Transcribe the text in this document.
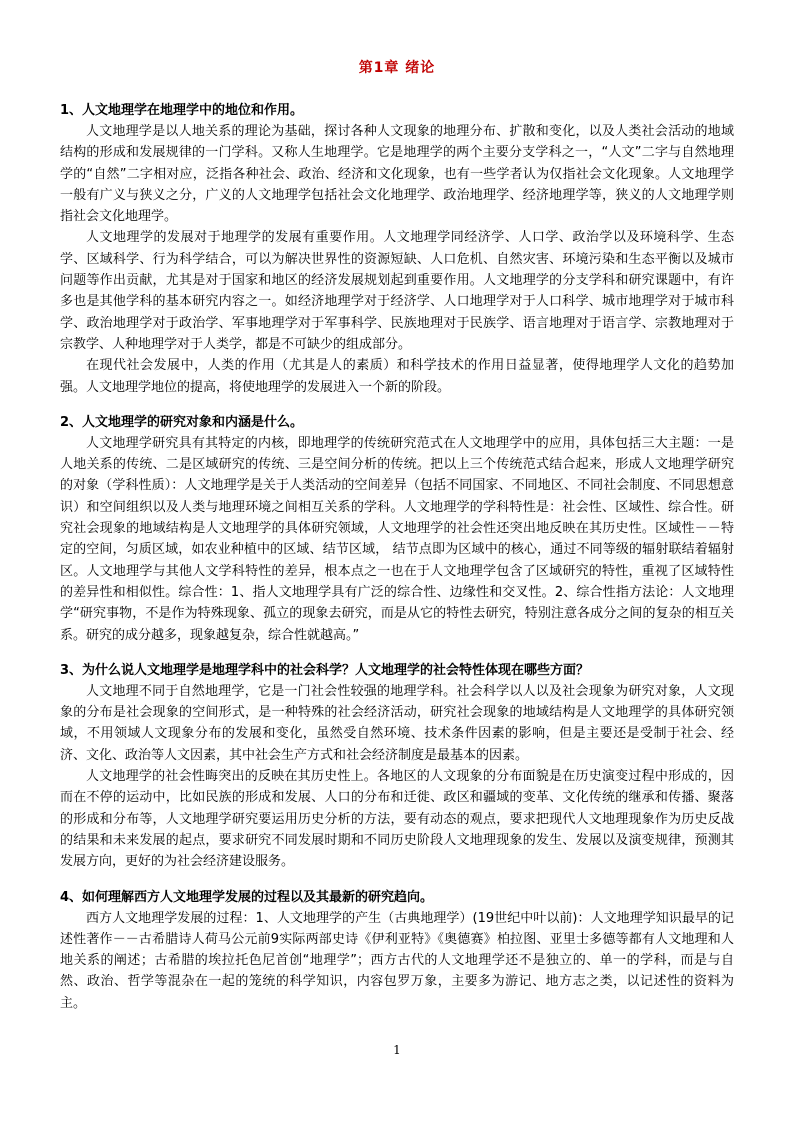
第1章 绪论

1、人文地理学在地理学中的地位和作用。

人文地理学是以人地关系的理论为基础，探讨各种人文现象的地理分布、扩散和变化，以及人类社会活动的地域结构的形成和发展规律的一门学科。又称人生地理学。它是地理学的两个主要分支学科之一，“人文”二字与自然地理学的“自然”二字相对应，泛指各种社会、政治、经济和文化现象，也有一些学者认为仅指社会文化现象。人文地理学一般有广义与狭义之分，广义的人文地理学包括社会文化地理学、政治地理学、经济地理学等，狭义的人文地理学则指社会文化地理学。

人文地理学的发展对于地理学的发展有重要作用。人文地理学同经济学、人口学、政治学以及环境科学、生态学、区域科学、行为科学结合，可以为解决世界性的资源短缺、人口危机、自然灾害、环境污染和生态平衡以及城市问题等作出贡献，尤其是对于国家和地区的经济发展规划起到重要作用。人文地理学的分支学科和研究课题中，有许多也是其他学科的基本研究内容之一。如经济地理学对于经济学、人口地理学对于人口科学、城市地理学对于城市科学、政治地理学对于政治学、军事地理学对于军事科学、民族地理对于民族学、语言地理对于语言学、宗教地理对于宗教学、人种地理学对于人类学，都是不可缺少的组成部分。

在现代社会发展中，人类的作用（尤其是人的素质）和科学技术的作用日益显著，使得地理学人文化的趋势加强。人文地理学地位的提高，将使地理学的发展进入一个新的阶段。

2、人文地理学的研究对象和内涵是什么。

人文地理学研究具有其特定的内核，即地理学的传统研究范式在人文地理学中的应用，具体包括三大主题：一是人地关系的传统、二是区域研究的传统、三是空间分析的传统。把以上三个传统范式结合起来，形成人文地理学研究的对象（学科性质）：人文地理学是关于人类活动的空间差异（包括不同国家、不同地区、不同社会制度、不同思想意识）和空间组织以及人类与地理环境之间相互关系的学科。人文地理学的学科特性是：社会性、区域性、综合性。研究社会现象的地域结构是人文地理学的具体研究领域，人文地理学的社会性还突出地反映在其历史性。区域性－－特定的空间，匀质区域，如农业种植中的区域、结节区域， 结节点即为区域中的核心，通过不同等级的辐射联结着辐射区。人文地理学与其他人文学科特性的差异，根本点之一也在于人文地理学包含了区域研究的特性，重视了区域特性的差异性和相似性。综合性：1、指人文地理学具有广泛的综合性、边缘性和交叉性。2、综合性指方法论：人文地理学“研究事物，不是作为特殊现象、孤立的现象去研究，而是从它的特性去研究，特别注意各成分之间的复杂的相互关系。研究的成分越多，现象越复杂，综合性就越高。”

3、为什么说人文地理学是地理学科中的社会科学？人文地理学的社会特性体现在哪些方面？

人文地理不同于自然地理学，它是一门社会性较强的地理学科。社会科学以人以及社会现象为研究对象，人文现象的分布是社会现象的空间形式，是一种特殊的社会经济活动，研究社会现象的地域结构是人文地理学的具体研究领域，不用领域人文现象分布的发展和变化，虽然受自然环境、技术条件因素的影响，但是主要还是受制于社会、经济、文化、政治等人文因素，其中社会生产方式和社会经济制度是最基本的因素。

人文地理学的社会性晦突出的反映在其历史性上。各地区的人文现象的分布面貌是在历史演变过程中形成的，因而在不停的运动中，比如民族的形成和发展、人口的分布和迁徙、政区和疆域的变革、文化传统的继承和传播、聚落的形成和分布等，人文地理学研究要运用历史分析的方法，要有动态的观点，要求把现代人文地理现象作为历史反战的结果和未来发展的起点，要求研究不同发展时期和不同历史阶段人文地理现象的发生、发展以及演变规律，预测其发展方向，更好的为社会经济建设服务。

4、如何理解西方人文地理学发展的过程以及其最新的研究趋向。

西方人文地理学发展的过程：1、人文地理学的产生（古典地理学）(19世纪中叶以前)：人文地理学知识最早的记述性著作－－古希腊诗人荷马公元前9实际两部史诗《伊利亚特》《奥德赛》柏拉图、亚里士多德等都有人文地理和人地关系的阐述；古希腊的埃拉托色尼首创“地理学”；西方古代的人文地理学还不是独立的、单一的学科，而是与自然、政治、哲学等混杂在一起的笼统的科学知识，内容包罗万象，主要多为游记、地方志之类，以记述性的资料为主。

1
